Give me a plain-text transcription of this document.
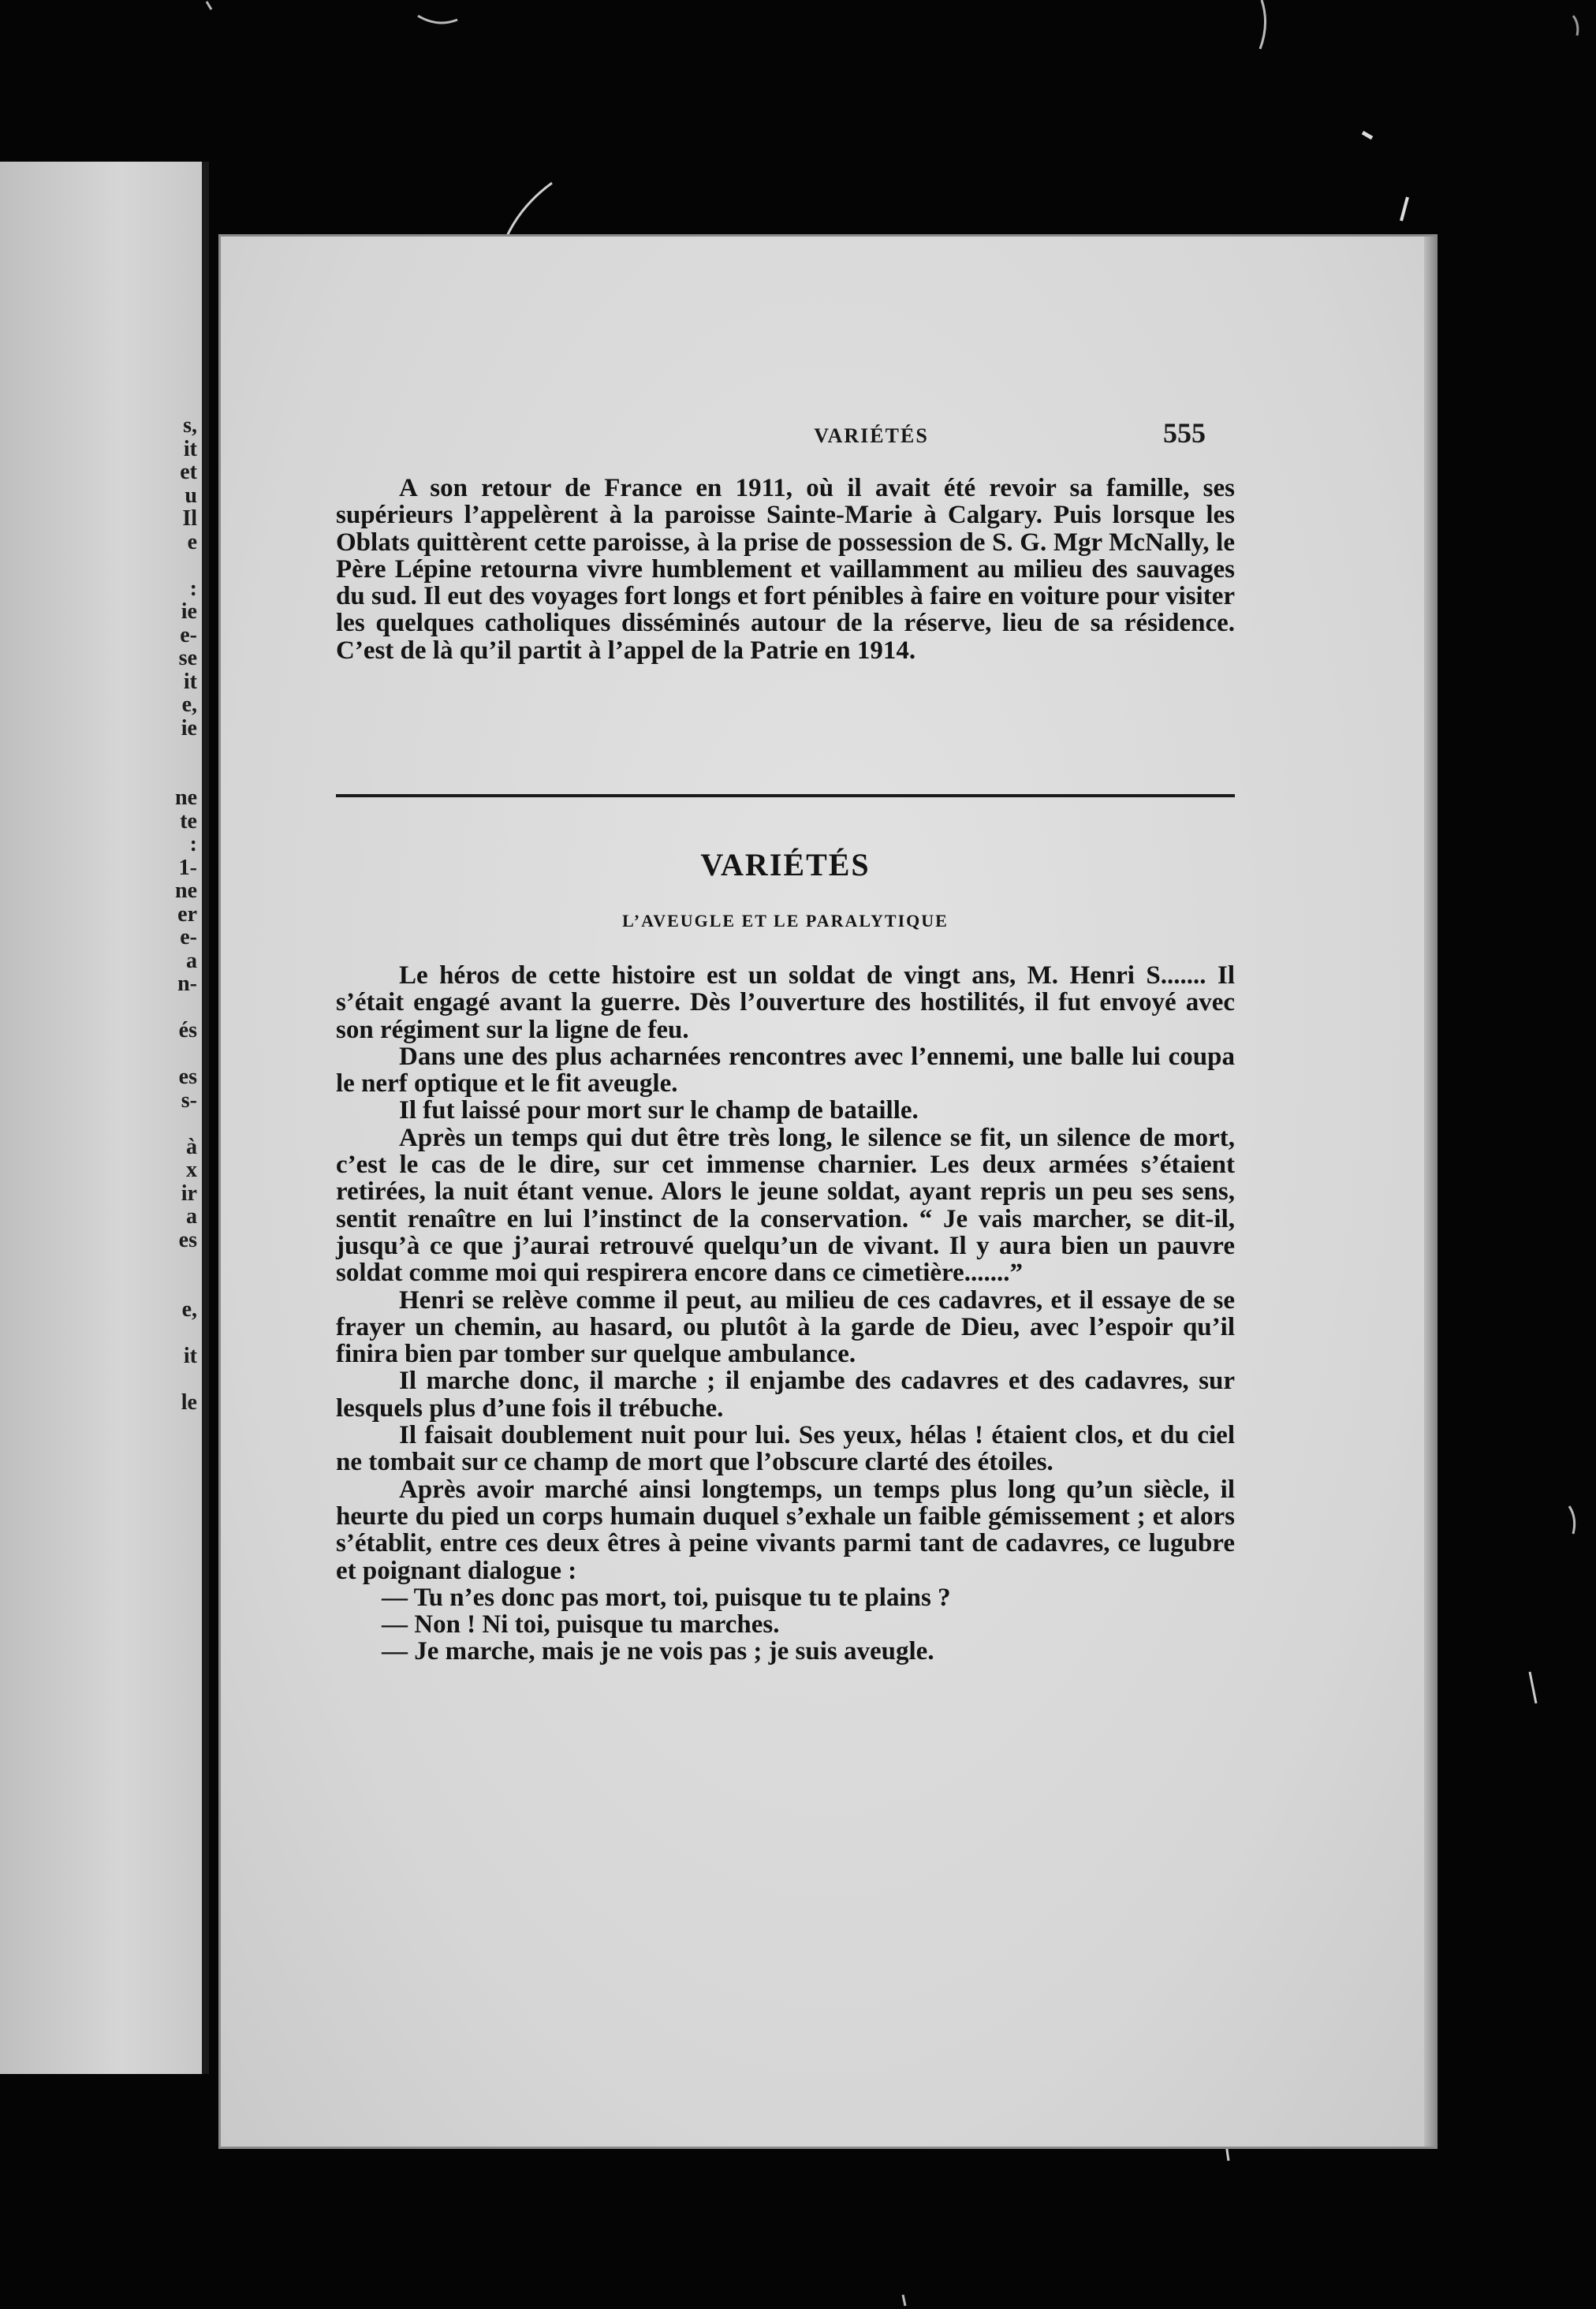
s,
it
et
u
Il
e
:
ie
e-
se
it
e,
ie
ne
te
:
1-
ne
er
e-
a
n-
és
es
s-
à
x
ir
a
es
e,
it
le
VARIÉTÉS	555

A son retour de France en 1911, où il avait été revoir sa famille, ses supérieurs l’appelèrent à la paroisse Sainte-Marie à Calgary. Puis lorsque les Oblats quittèrent cette paroisse, à la prise de possession de S. G. Mgr McNally, le Père Lépine retourna vivre humblement et vaillamment au milieu des sauvages du sud. Il eut des voyages fort longs et fort pénibles à faire en voiture pour visiter les quelques catholiques disséminés autour de la réserve, lieu de sa résidence. C’est de là qu’il partit à l’appel de la Patrie en 1914.

VARIÉTÉS
L’AVEUGLE ET LE PARALYTIQUE

Le héros de cette histoire est un soldat de vingt ans, M. Henri S....... Il s’était engagé avant la guerre. Dès l’ouverture des hostilités, il fut envoyé avec son régiment sur la ligne de feu.

Dans une des plus acharnées rencontres avec l’ennemi, une balle lui coupa le nerf optique et le fit aveugle.

Il fut laissé pour mort sur le champ de bataille.

Après un temps qui dut être très long, le silence se fit, un silence de mort, c’est le cas de le dire, sur cet immense charnier. Les deux armées s’étaient retirées, la nuit étant venue. Alors le jeune soldat, ayant repris un peu ses sens, sentit renaître en lui l’instinct de la conservation. “ Je vais marcher, se dit-il, jusqu’à ce que j’aurai retrouvé quelqu’un de vivant. Il y aura bien un pauvre soldat comme moi qui respirera encore dans ce cimetière.......”

Henri se relève comme il peut, au milieu de ces cadavres, et il essaye de se frayer un chemin, au hasard, ou plutôt à la garde de Dieu, avec l’espoir qu’il finira bien par tomber sur quelque ambulance.

Il marche donc, il marche ; il enjambe des cadavres et des cadavres, sur lesquels plus d’une fois il trébuche.

Il faisait doublement nuit pour lui. Ses yeux, hélas ! étaient clos, et du ciel ne tombait sur ce champ de mort que l’obscure clarté des étoiles.

Après avoir marché ainsi longtemps, un temps plus long qu’un siècle, il heurte du pied un corps humain duquel s’exhale un faible gémissement ; et alors s’établit, entre ces deux êtres à peine vivants parmi tant de cadavres, ce lugubre et poignant dialogue :

— Tu n’es donc pas mort, toi, puisque tu te plains ?

— Non ! Ni toi, puisque tu marches.

— Je marche, mais je ne vois pas ; je suis aveugle.
